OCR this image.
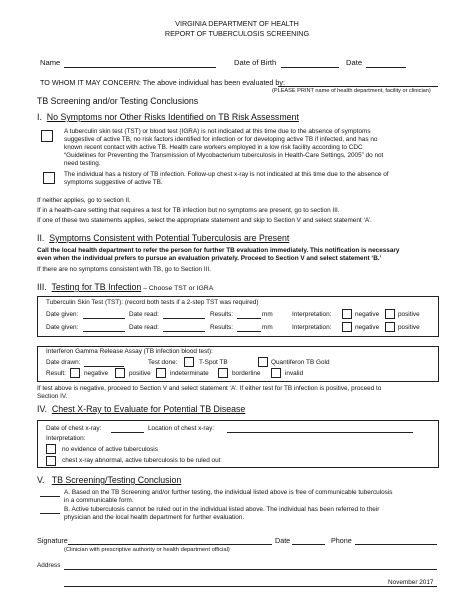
VIRGINIA DEPARTMENT OF HEALTH
REPORT OF TUBERCULOSIS SCREENING
Name	Date of Birth	Date
TO WHOM IT MAY CONCERN: The above individual has been evaluated by:
(PLEASE PRINT name of health department, facility or clinician)
TB Screening and/or Testing Conclusions
I. No Symptoms nor Other Risks Identified on TB Risk Assessment
A tuberculin skin test (TST) or blood test (IGRA) is not indicated at this time due to the absence of symptoms
suggestive of active TB, no risk factors identified for infection or for developing active TB if infected, and has no
known recent contact with active TB. Health care workers employed in a low risk facility according to CDC
“Guidelines for Preventing the Transmission of Mycobacterium tuberculosis in Health-Care Settings, 2005” do not
need testing.
The individual has a history of TB infection. Follow-up chest x-ray is not indicated at this time due to the absence of
symptoms suggestive of active TB.
If neither applies, go to section II.
If in a health-care setting that requires a test for TB infection but no symptoms are present, go to section III.
If one of these two statements applies, select the appropriate statement and skip to Section V and select statement ‘A’.
II. Symptoms Consistent with Potential Tuberculosis are Present
Call the local health department to refer the person for further TB evaluation immediately. This notification is necessary
even when the individual prefers to pursue an evaluation privately. Proceed to Section V and select statement ‘B.’
If there are no symptoms consistent with TB, go to Section III.
III. Testing for TB Infection – Choose TST or IGRA
Tuberculin Skin Test (TST): (record both tests if a 2-step TST was required)
Date given:	Date read:	Results:	mm	Interpretation:	negative	positive
Date given:	Date read:	Results:	mm	Interpretation:	negative	positive
Interferon Gamma Release Assay (TB infection blood test):
Date drawn:	Test done:	T-Spot TB	Quantiferon TB Gold
Result:	negative	positive	indeterminate	borderline	invalid
If test above is negative, proceed to Section V and select statement ‘A’. If either test for TB infection is positive, proceed to
Section IV.
IV. Chest X-Ray to Evaluate for Potential TB Disease
Date of chest x-ray:	Location of chest x-ray:
Interpretation:
no evidence of active tuberculosis
chest x-ray abnormal, active tuberculosis to be ruled out
V. TB Screening/Testing Conclusion
A. Based on the TB Screening and/or further testing, the individual listed above is free of communicable tuberculosis
in a communicable form.
B. Active tuberculosis cannot be ruled out in the individual listed above. The individual has been referred to their
physician and the local health department for further evaluation.
Signature	Date	Phone
(Clinician with prescriptive authority or health department official)
Address
November 2017
